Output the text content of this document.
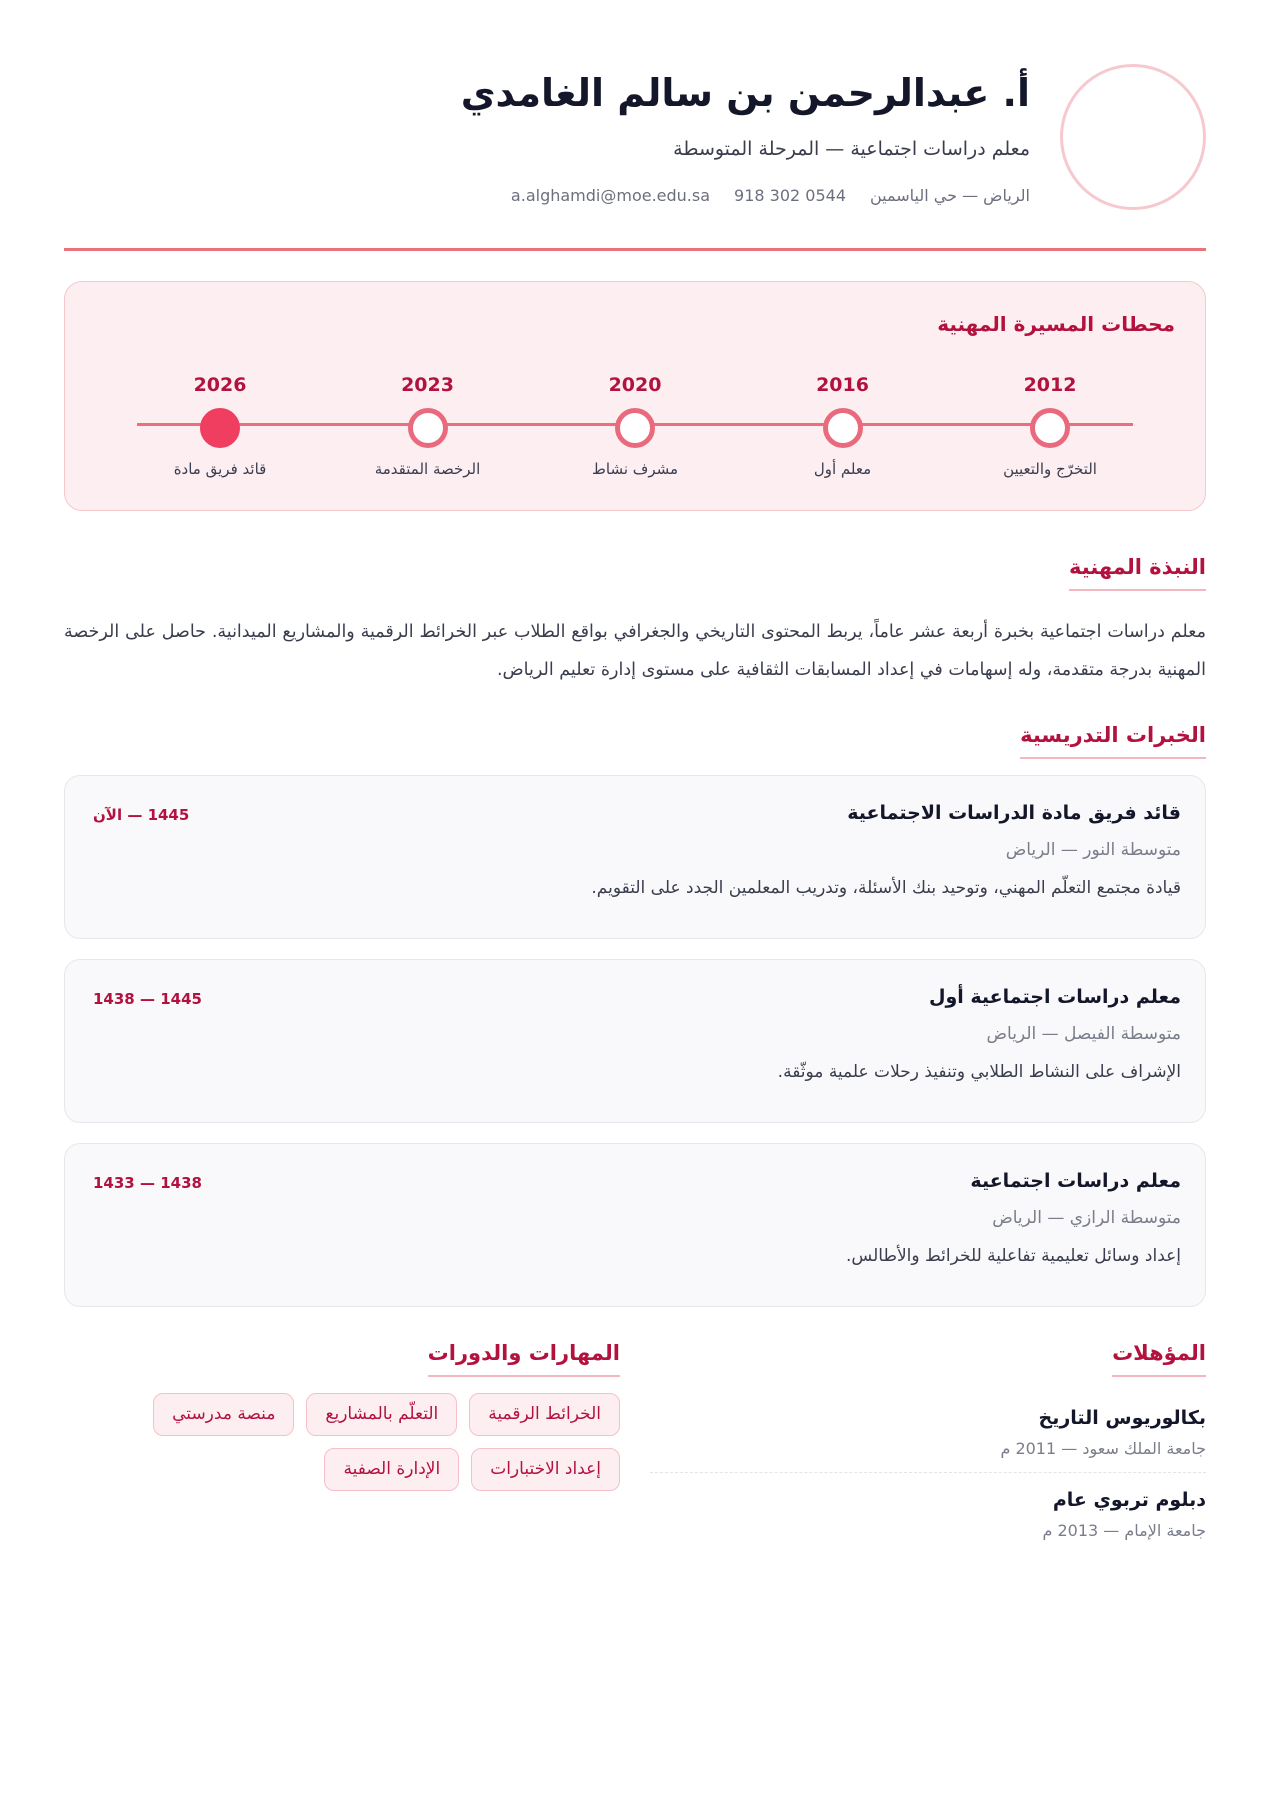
أ. عبدالرحمن بن سالم الغامدي
معلم دراسات اجتماعية — المرحلة المتوسطة
الرياض — حي الياسمين
918 302 0544
a.alghamdi@moe.edu.sa
محطات المسيرة المهنية
2012
التخرّج والتعيين
2016
معلم أول
2020
مشرف نشاط
2023
الرخصة المتقدمة
2026
قائد فريق مادة
النبذة المهنية

معلم دراسات اجتماعية بخبرة أربعة عشر عاماً، يربط المحتوى التاريخي والجغرافي بواقع الطلاب عبر الخرائط الرقمية والمشاريع الميدانية. حاصل على الرخصة المهنية بدرجة متقدمة، وله إسهامات في إعداد المسابقات الثقافية على مستوى إدارة تعليم الرياض.

الخبرات التدريسية
قائد فريق مادة الدراسات الاجتماعية
متوسطة النور — الرياض
قيادة مجتمع التعلّم المهني، وتوحيد بنك الأسئلة، وتدريب المعلمين الجدد على التقويم.
1445 — الآن
معلم دراسات اجتماعية أول
متوسطة الفيصل — الرياض
الإشراف على النشاط الطلابي وتنفيذ رحلات علمية موثّقة.
1445 — 1438
معلم دراسات اجتماعية
متوسطة الرازي — الرياض
إعداد وسائل تعليمية تفاعلية للخرائط والأطالس.
1438 — 1433
المؤهلات
بكالوريوس التاريخ
جامعة الملك سعود — 2011 م
دبلوم تربوي عام
جامعة الإمام — 2013 م
المهارات والدورات
الخرائط الرقمية
التعلّم بالمشاريع
منصة مدرستي
إعداد الاختبارات
الإدارة الصفية
